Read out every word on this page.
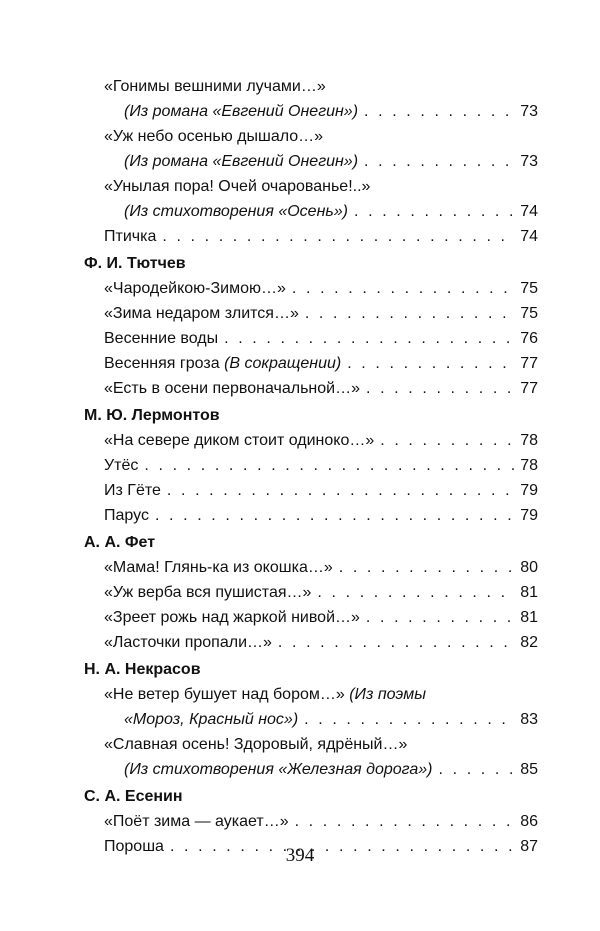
«Гонимы вешними лучами…»
(Из романа «Евгений Онегин») . . .	73
«Уж небо осенью дышало…»
(Из романа «Евгений Онегин») . . .	73
«Унылая пора! Очей очарованье!..»
(Из стихотворения «Осень») . . .	74
Птичка . . .	74
Ф. И. Тютчев
«Чародейкою-Зимою…» . . .	75
«Зима недаром злится…» . . .	75
Весенние воды . . .	76
Весенняя гроза (В сокращении) . . .	77
«Есть в осени первоначальной…» . . .	77
М. Ю. Лермонтов
«На севере диком стоит одиноко…» . . .	78
Утёс . . .	78
Из Гёте . . .	79
Парус . . .	79
А. А. Фет
«Мама! Глянь-ка из окошка…» . . .	80
«Уж верба вся пушистая…» . . .	81
«Зреет рожь над жаркой нивой…» . . .	81
«Ласточки пропали…» . . .	82
Н. А. Некрасов
«Не ветер бушует над бором…» (Из поэмы
«Мороз, Красный нос») . . .	83
«Славная осень! Здоровый, ядрёный…»
(Из стихотворения «Железная дорога») . . .	85
С. А. Есенин
«Поёт зима — аукает…» . . .	86
Пороша . . .	87
394
